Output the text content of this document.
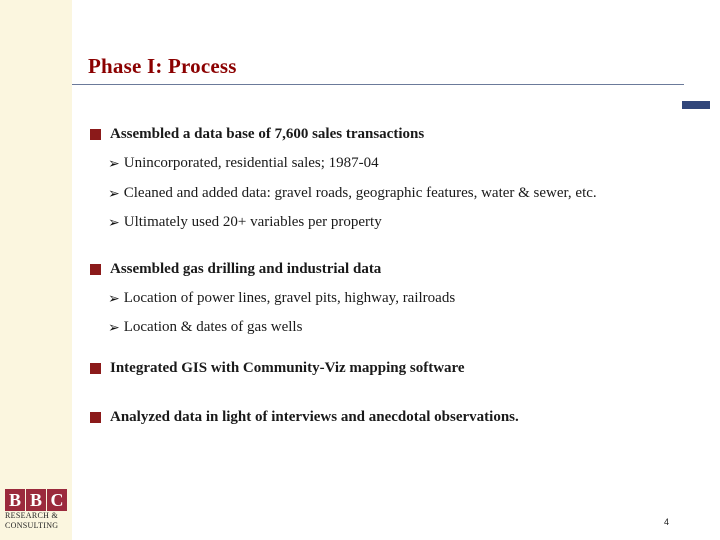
Phase I: Process
Assembled a data base of 7,600 sales transactions
➢ Unincorporated, residential sales; 1987-04
➢ Cleaned and added data: gravel roads, geographic features, water & sewer, etc.
➢ Ultimately used 20+ variables per property
Assembled gas drilling and industrial data
➢ Location of power lines, gravel pits, highway, railroads
➢ Location & dates of gas wells
Integrated GIS with Community-Viz mapping software
Analyzed data in light of interviews and anecdotal observations.
B B C
RESEARCH &
CONSULTING	4
